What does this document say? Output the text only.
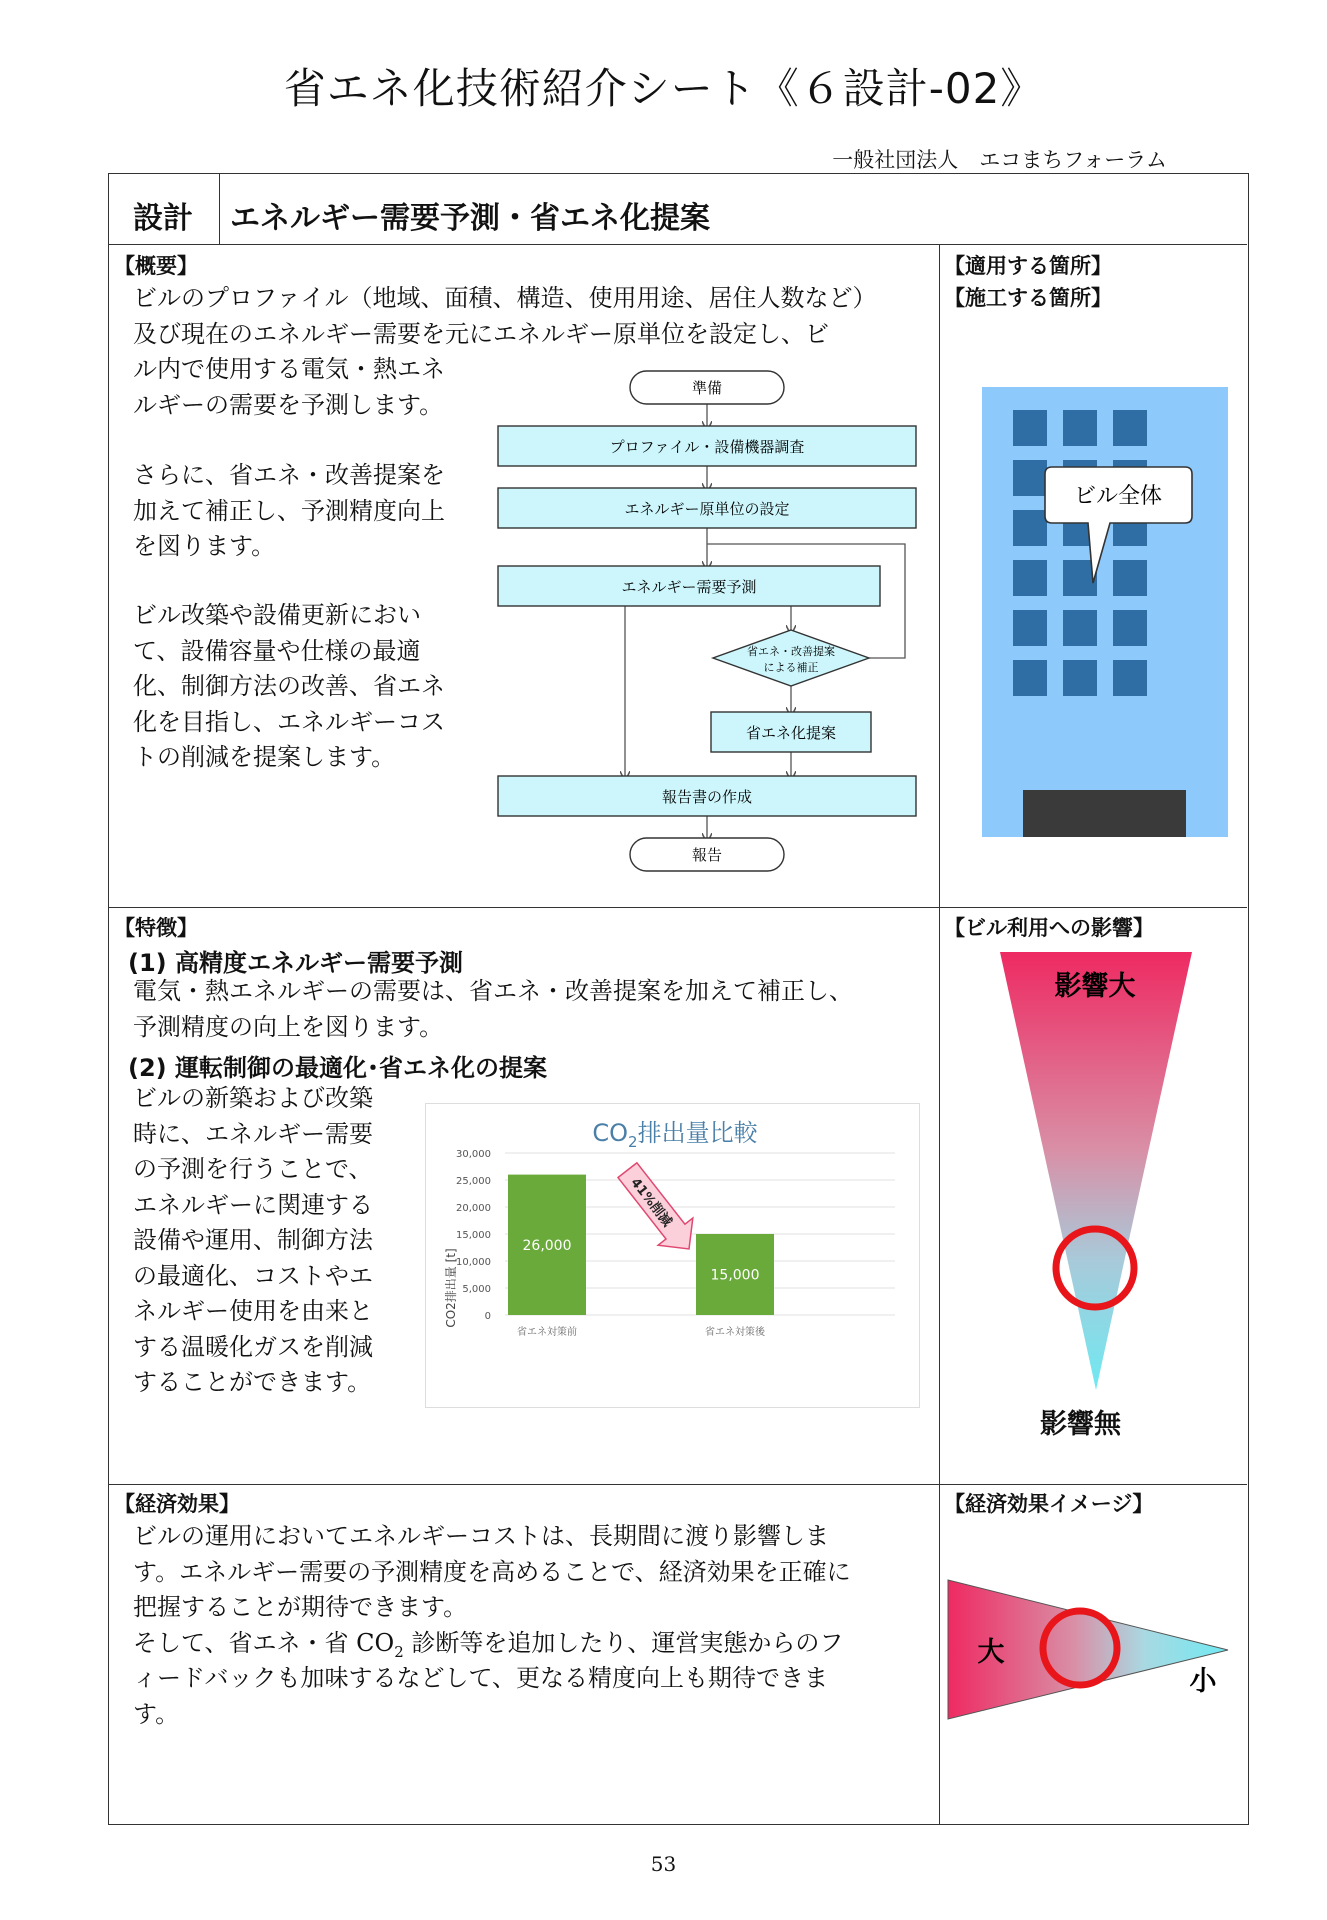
省エネ化技術紹介シート《６設計-02》
一般社団法人　エコまちフォーラム
設計 エネルギー需要予測・省エネ化提案
【概要】
ビルのプロファイル（地域、面積、構造、使用用途、居住人数など）
及び現在のエネルギー需要を元にエネルギー原単位を設定し、ビ
ル内で使用する電気・熱エネ
ルギーの需要を予測します。
さらに、省エネ・改善提案を
加えて補正し、予測精度向上
を図ります。
ビル改築や設備更新におい
て、設備容量や仕様の最適
化、制御方法の改善、省エネ
化を目指し、エネルギーコス
トの削減を提案します。
準備
プロファイル・設備機器調査
エネルギー原単位の設定
エネルギー需要予測
省エネ・改善提案
による補正
省エネ化提案
報告書の作成
報告
【適用する箇所】
【施工する箇所】
ビル全体
【特徴】
(1) 高精度エネルギー需要予測
電気・熱エネルギーの需要は、省エネ・改善提案を加えて補正し、
予測精度の向上を図ります。
(2) 運転制御の最適化･省エネ化の提案
ビルの新築および改築
時に、エネルギー需要
の予測を行うことで、
エネルギーに関連する
設備や運用、制御方法
の最適化、コストやエ
ネルギー使用を由来と
する温暖化ガスを削減
することができます。
$CO_2$排出量比較
CO2排出量 [t]	0
5,000
10,000
15,000
20,000
25,000
30,000
26,000
省エネ対策前
15,000
省エネ対策後
41%削減
【ビル利用への影響】
影響大
影響無
【経済効果】
ビルの運用においてエネルギーコストは、長期間に渡り影響しま
す。エネルギー需要の予測精度を高めることで、経済効果を正確に
把握することが期待できます。
そして、省エネ・省 $CO_2$ 診断等を追加したり、運営実態からのフ
ィードバックも加味するなどして、更なる精度向上も期待できま
す。
【経済効果イメージ】
大
小
53
